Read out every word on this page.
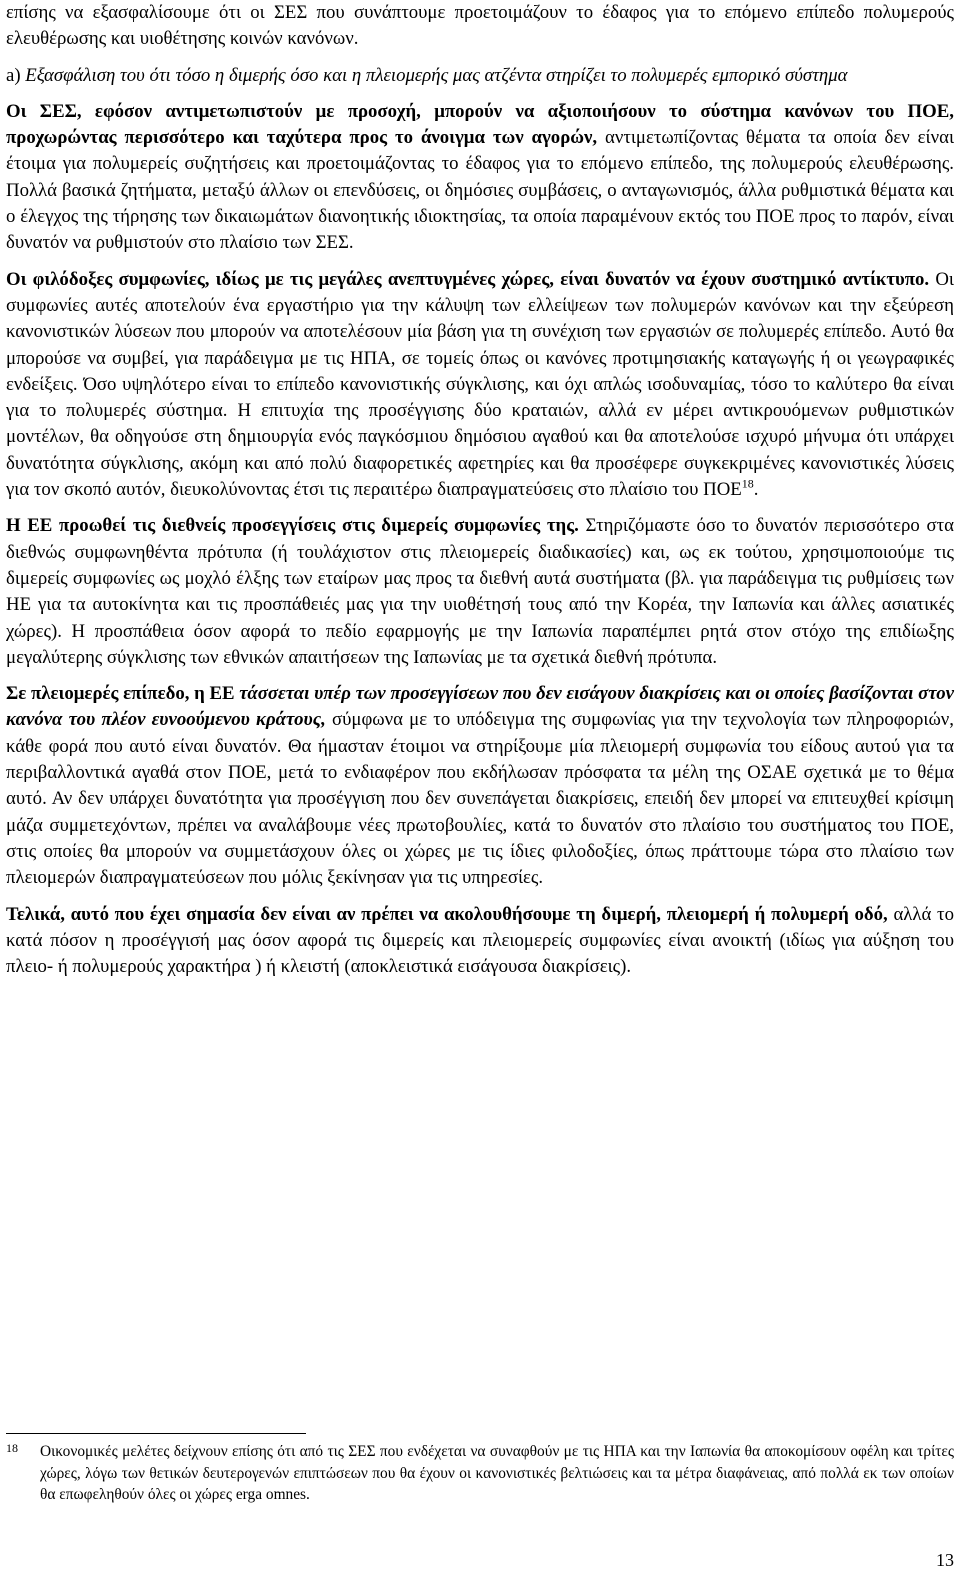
επίσης να εξασφαλίσουμε ότι οι ΣΕΣ που συνάπτουμε προετοιμάζουν το έδαφος για το επόμενο επίπεδο πολυμερούς ελευθέρωσης και υιοθέτησης κοινών κανόνων.

a) Εξασφάλιση του ότι τόσο η διμερής όσο και η πλειομερής μας ατζέντα στηρίζει το πολυμερές εμπορικό σύστημα

Οι ΣΕΣ, εφόσον αντιμετωπιστούν με προσοχή, μπορούν να αξιοποιήσουν το σύστημα κανόνων του ΠΟΕ, προχωρώντας περισσότερο και ταχύτερα προς το άνοιγμα των αγορών, αντιμετωπίζοντας θέματα τα οποία δεν είναι έτοιμα για πολυμερείς συζητήσεις και προετοιμάζοντας το έδαφος για το επόμενο επίπεδο, της πολυμερούς ελευθέρωσης. Πολλά βασικά ζητήματα, μεταξύ άλλων οι επενδύσεις, οι δημόσιες συμβάσεις, ο ανταγωνισμός, άλλα ρυθμιστικά θέματα και ο έλεγχος της τήρησης των δικαιωμάτων διανοητικής ιδιοκτησίας, τα οποία παραμένουν εκτός του ΠΟΕ προς το παρόν, είναι δυνατόν να ρυθμιστούν στο πλαίσιο των ΣΕΣ.

Οι φιλόδοξες συμφωνίες, ιδίως με τις μεγάλες ανεπτυγμένες χώρες, είναι δυνατόν να έχουν συστημικό αντίκτυπο. Οι συμφωνίες αυτές αποτελούν ένα εργαστήριο για την κάλυψη των ελλείψεων των πολυμερών κανόνων και την εξεύρεση κανονιστικών λύσεων που μπορούν να αποτελέσουν μία βάση για τη συνέχιση των εργασιών σε πολυμερές επίπεδο. Αυτό θα μπορούσε να συμβεί, για παράδειγμα με τις ΗΠΑ, σε τομείς όπως οι κανόνες προτιμησιακής καταγωγής ή οι γεωγραφικές ενδείξεις. Όσο υψηλότερο είναι το επίπεδο κανονιστικής σύγκλισης, και όχι απλώς ισοδυναμίας, τόσο το καλύτερο θα είναι για το πολυμερές σύστημα. Η επιτυχία της προσέγγισης δύο κραταιών, αλλά εν μέρει αντικρουόμενων ρυθμιστικών μοντέλων, θα οδηγούσε στη δημιουργία ενός παγκόσμιου δημόσιου αγαθού και θα αποτελούσε ισχυρό μήνυμα ότι υπάρχει δυνατότητα σύγκλισης, ακόμη και από πολύ διαφορετικές αφετηρίες και θα προσέφερε συγκεκριμένες κανονιστικές λύσεις για τον σκοπό αυτόν, διευκολύνοντας έτσι τις περαιτέρω διαπραγματεύσεις στο πλαίσιο του ΠΟΕ$^{18}$.

Η ΕΕ προωθεί τις διεθνείς προσεγγίσεις στις διμερείς συμφωνίες της. Στηριζόμαστε όσο το δυνατόν περισσότερο στα διεθνώς συμφωνηθέντα πρότυπα (ή τουλάχιστον στις πλειομερείς διαδικασίες) και, ως εκ τούτου, χρησιμοποιούμε τις διμερείς συμφωνίες ως μοχλό έλξης των εταίρων μας προς τα διεθνή αυτά συστήματα (βλ. για παράδειγμα τις ρυθμίσεις των ΗΕ για τα αυτοκίνητα και τις προσπάθειές μας για την υιοθέτησή τους από την Κορέα, την Ιαπωνία και άλλες ασιατικές χώρες). Η προσπάθεια όσον αφορά το πεδίο εφαρμογής με την Ιαπωνία παραπέμπει ρητά στον στόχο της επιδίωξης μεγαλύτερης σύγκλισης των εθνικών απαιτήσεων της Ιαπωνίας με τα σχετικά διεθνή πρότυπα.

Σε πλειομερές επίπεδο, η ΕΕ τάσσεται υπέρ των προσεγγίσεων που δεν εισάγουν διακρίσεις και οι οποίες βασίζονται στον κανόνα του πλέον ευνοούμενου κράτους, σύμφωνα με το υπόδειγμα της συμφωνίας για την τεχνολογία των πληροφοριών, κάθε φορά που αυτό είναι δυνατόν. Θα ήμασταν έτοιμοι να στηρίξουμε μία πλειομερή συμφωνία του είδους αυτού για τα περιβαλλοντικά αγαθά στον ΠΟΕ, μετά το ενδιαφέρον που εκδήλωσαν πρόσφατα τα μέλη της ΟΣΑΕ σχετικά με το θέμα αυτό. Αν δεν υπάρχει δυνατότητα για προσέγγιση που δεν συνεπάγεται διακρίσεις, επειδή δεν μπορεί να επιτευχθεί κρίσιμη μάζα συμμετεχόντων, πρέπει να αναλάβουμε νέες πρωτοβουλίες, κατά το δυνατόν στο πλαίσιο του συστήματος του ΠΟΕ, στις οποίες θα μπορούν να συμμετάσχουν όλες οι χώρες με τις ίδιες φιλοδοξίες, όπως πράττουμε τώρα στο πλαίσιο των πλειομερών διαπραγματεύσεων που μόλις ξεκίνησαν για τις υπηρεσίες.

Τελικά, αυτό που έχει σημασία δεν είναι αν πρέπει να ακολουθήσουμε τη διμερή, πλειομερή ή πολυμερή οδό, αλλά το κατά πόσον η προσέγγισή μας όσον αφορά τις διμερείς και πλειομερείς συμφωνίες είναι ανοικτή (ιδίως για αύξηση του πλειο- ή πολυμερούς χαρακτήρα ) ή κλειστή (αποκλειστικά εισάγουσα διακρίσεις).

18 Οικονομικές μελέτες δείχνουν επίσης ότι από τις ΣΕΣ που ενδέχεται να συναφθούν με τις ΗΠΑ και την Ιαπωνία θα αποκομίσουν οφέλη και τρίτες χώρες, λόγω των θετικών δευτερογενών επιπτώσεων που θα έχουν οι κανονιστικές βελτιώσεις και τα μέτρα διαφάνειας, από πολλά εκ των οποίων θα επωφεληθούν όλες οι χώρες erga omnes.

13
